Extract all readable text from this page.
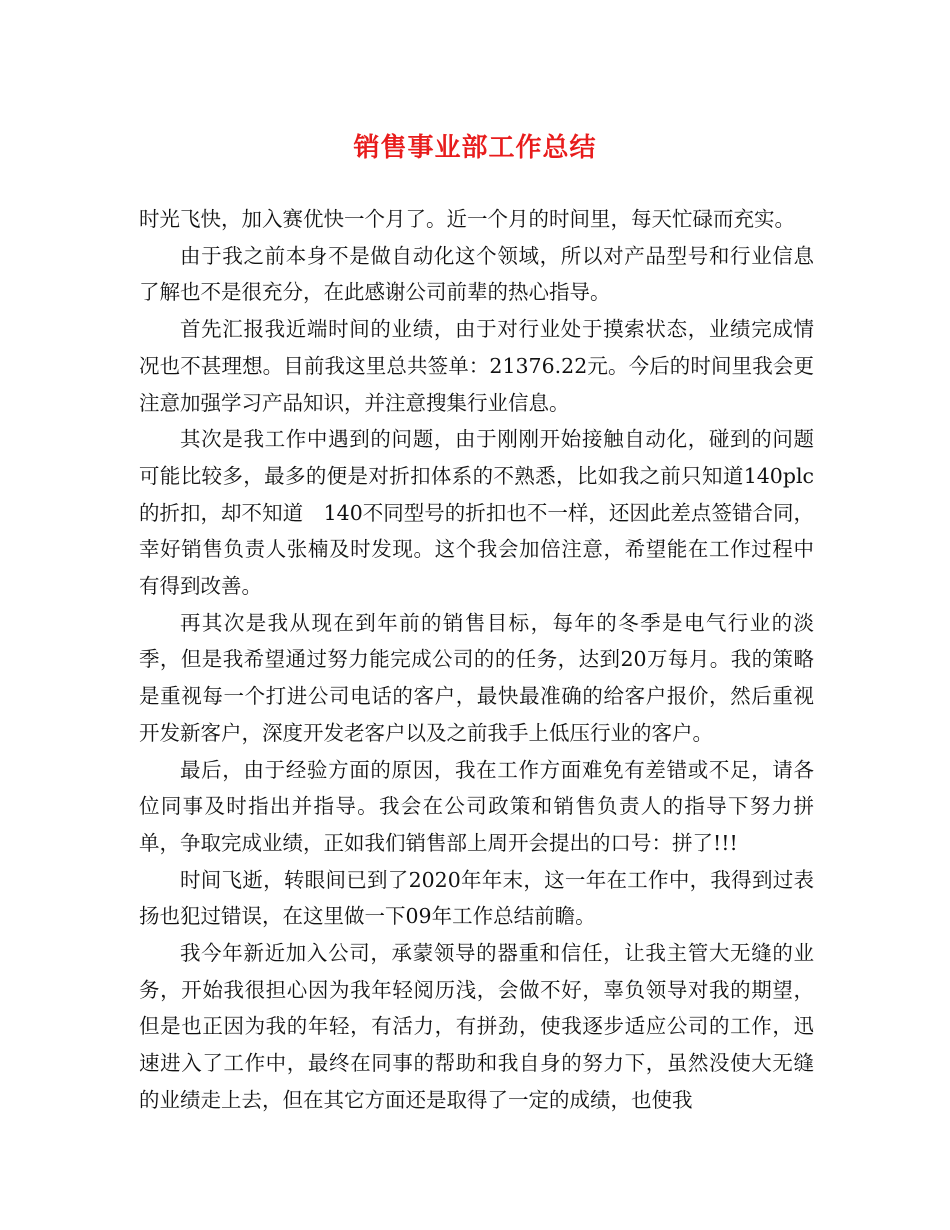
销售事业部工作总结

时光飞快，加入赛优快一个月了。近一个月的时间里，每天忙碌而充实。

由于我之前本身不是做自动化这个领域，所以对产品型号和行业信息了解也不是很充分，在此感谢公司前辈的热心指导。

首先汇报我近端时间的业绩，由于对行业处于摸索状态，业绩完成情况也不甚理想。目前我这里总共签单：21376.22元。今后的时间里我会更注意加强学习产品知识，并注意搜集行业信息。

其次是我工作中遇到的问题，由于刚刚开始接触自动化，碰到的问题可能比较多，最多的便是对折扣体系的不熟悉，比如我之前只知道140plc的折扣，却不知道　140不同型号的折扣也不一样，还因此差点签错合同，幸好销售负责人张楠及时发现。这个我会加倍注意，希望能在工作过程中有得到改善。

再其次是我从现在到年前的销售目标，每年的冬季是电气行业的淡季，但是我希望通过努力能完成公司的的任务，达到20万每月。我的策略是重视每一个打进公司电话的客户，最快最准确的给客户报价，然后重视开发新客户，深度开发老客户以及之前我手上低压行业的客户。

最后，由于经验方面的原因，我在工作方面难免有差错或不足，请各位同事及时指出并指导。我会在公司政策和销售负责人的指导下努力拼单，争取完成业绩，正如我们销售部上周开会提出的口号：拼了!!!

时间飞逝，转眼间已到了2020年年末，这一年在工作中，我得到过表扬也犯过错误，在这里做一下09年工作总结前瞻。

我今年新近加入公司，承蒙领导的器重和信任，让我主管大无缝的业务，开始我很担心因为我年轻阅历浅，会做不好，辜负领导对我的期望，但是也正因为我的年轻，有活力，有拼劲，使我逐步适应公司的工作，迅速进入了工作中，最终在同事的帮助和我自身的努力下，虽然没使大无缝的业绩走上去，但在其它方面还是取得了一定的成绩，也使我
